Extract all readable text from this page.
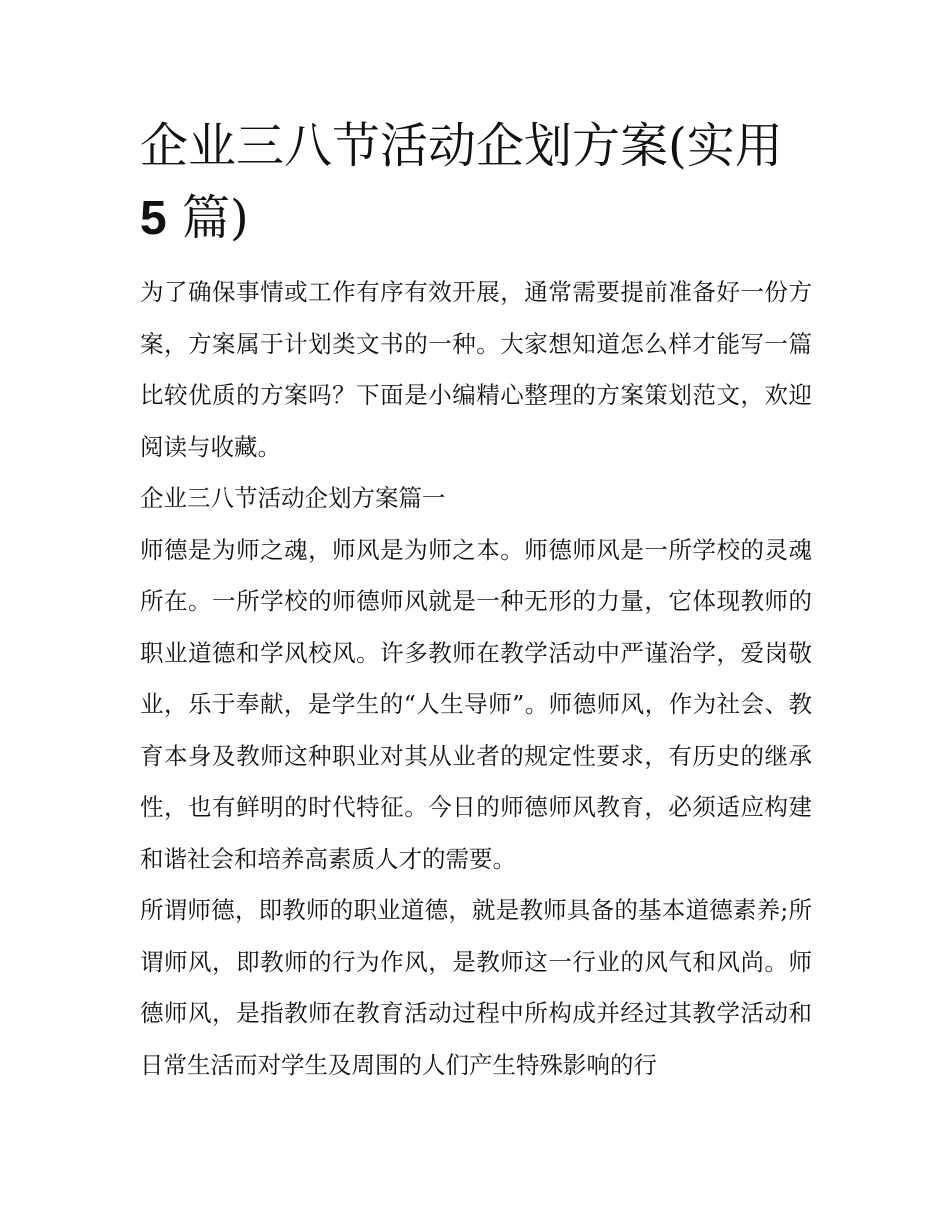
企业三八节活动企划方案(实用
5 篇)

为了确保事情或工作有序有效开展，通常需要提前准备好一份方案，方案属于计划类文书的一种。大家想知道怎么样才能写一篇比较优质的方案吗？下面是小编精心整理的方案策划范文，欢迎阅读与收藏。

企业三八节活动企划方案篇一

师德是为师之魂，师风是为师之本。师德师风是一所学校的灵魂所在。一所学校的师德师风就是一种无形的力量，它体现教师的职业道德和学风校风。许多教师在教学活动中严谨治学，爱岗敬业，乐于奉献，是学生的“人生导师”。师德师风，作为社会、教育本身及教师这种职业对其从业者的规定性要求，有历史的继承性，也有鲜明的时代特征。今日的师德师风教育，必须适应构建和谐社会和培养高素质人才的需要。

所谓师德，即教师的职业道德，就是教师具备的基本道德素养;所谓师风，即教师的行为作风，是教师这一行业的风气和风尚。师德师风，是指教师在教育活动过程中所构成并经过其教学活动和日常生活而对学生及周围的人们产生特殊影响的行
